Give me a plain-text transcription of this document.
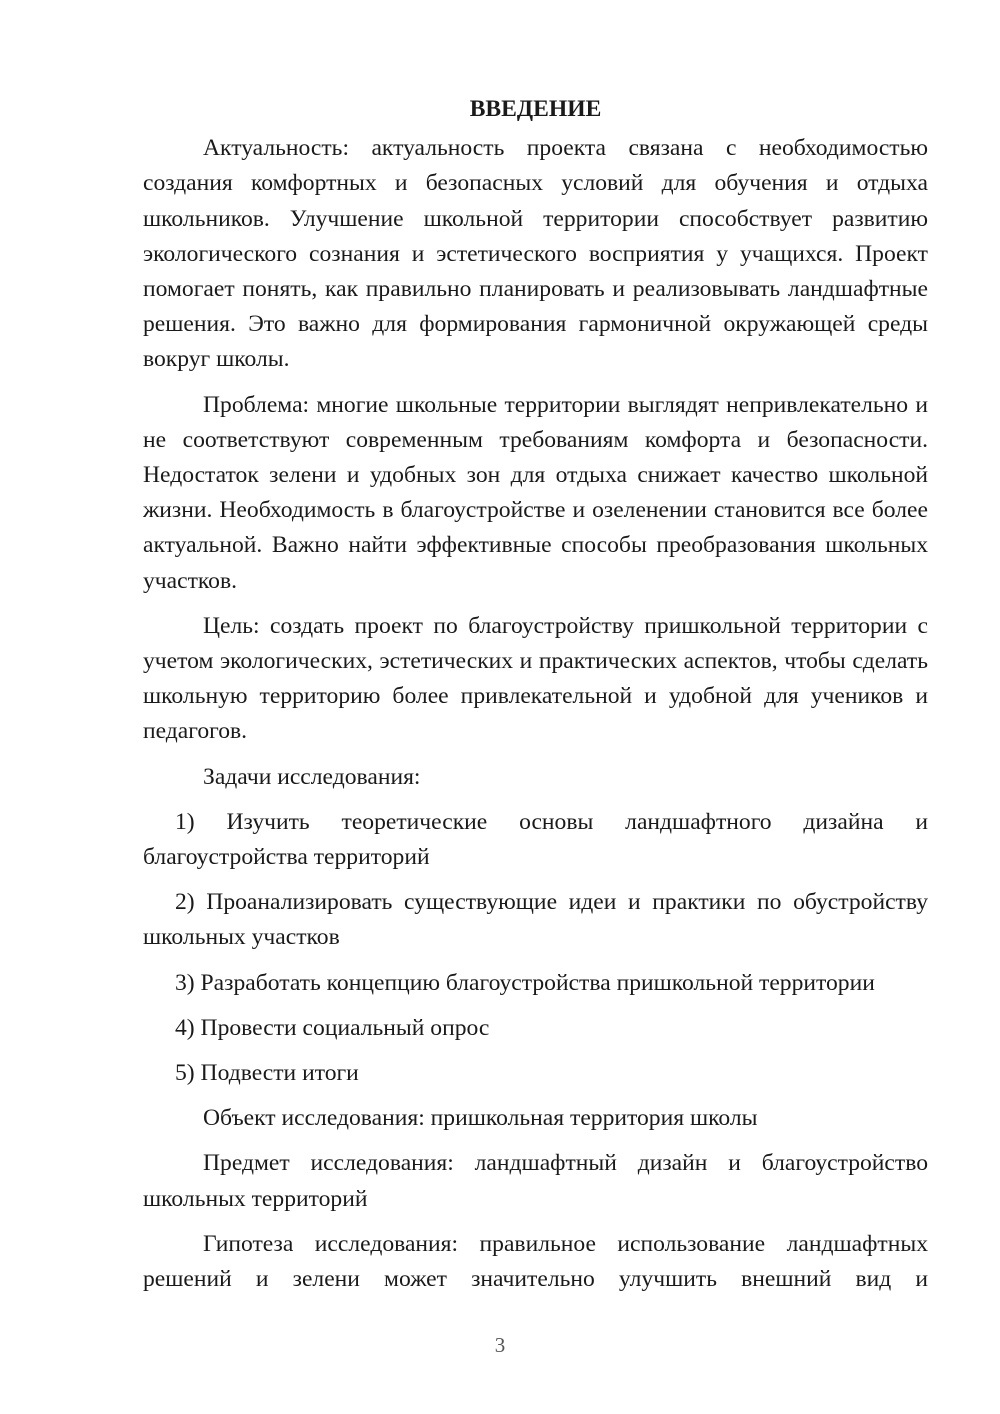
ВВЕДЕНИЕ

Актуальность: актуальность проекта связана с необходимостью создания комфортных и безопасных условий для обучения и отдыха школьников. Улучшение школьной территории способствует развитию экологического сознания и эстетического восприятия у учащихся. Проект помогает понять, как правильно планировать и реализовывать ландшафтные решения. Это важно для формирования гармоничной окружающей среды вокруг школы.

Проблема: многие школьные территории выглядят непривлекательно и не соответствуют современным требованиям комфорта и безопасности. Недостаток зелени и удобных зон для отдыха снижает качество школьной жизни. Необходимость в благоустройстве и озеленении становится все более актуальной. Важно найти эффективные способы преобразования школьных участков.

Цель: создать проект по благоустройству пришкольной территории с учетом экологических, эстетических и практических аспектов, чтобы сделать школьную территорию более привлекательной и удобной для учеников и педагогов.

Задачи исследования:

1) Изучить теоретические основы ландшафтного дизайна и благоустройства территорий

2) Проанализировать существующие идеи и практики по обустройству школьных участков

3) Разработать концепцию благоустройства пришкольной территории

4) Провести социальный опрос

5) Подвести итоги

Объект исследования: пришкольная территория школы

Предмет исследования: ландшафтный дизайн и благоустройство школьных территорий

Гипотеза исследования: правильное использование ландшафтных решений и зелени может значительно улучшить внешний вид и

3
